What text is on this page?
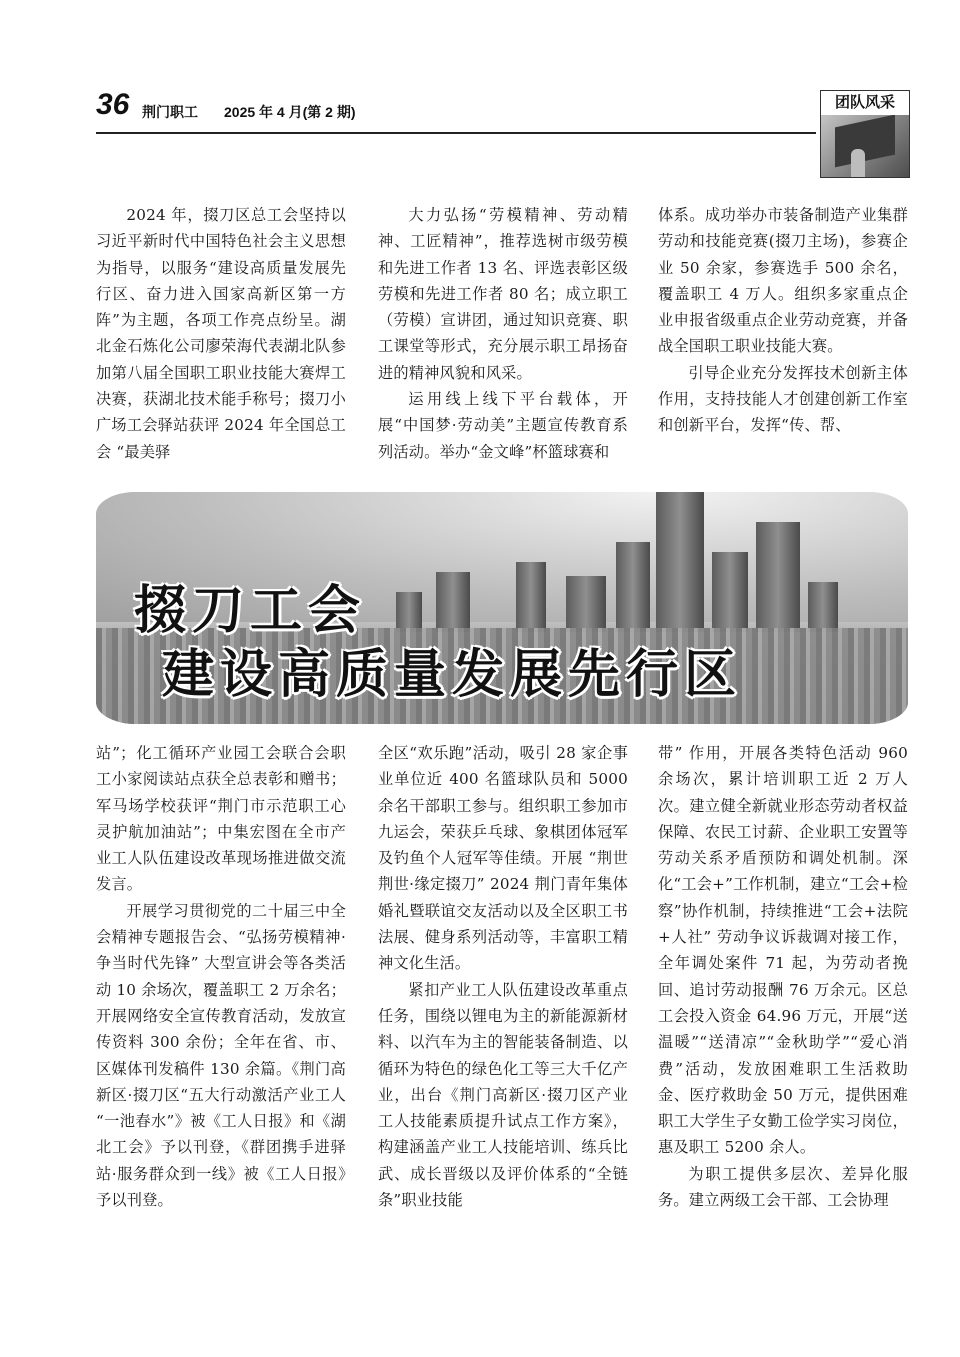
36 荆门职工 2025 年 4 月(第 2 期)
团队风采

2024 年，掇刀区总工会坚持以习近平新时代中国特色社会主义思想为指导，以服务“建设高质量发展先行区、奋力进入国家高新区第一方阵”为主题，各项工作亮点纷呈。湖北金石炼化公司廖荣海代表湖北队参加第八届全国职工职业技能大赛焊工决赛，获湖北技术能手称号；掇刀小广场工会驿站获评 2024 年全国总工会 “最美驿

大力弘扬“劳模精神、劳动精神、工匠精神”，推荐选树市级劳模和先进工作者 13 名、评选表彰区级劳模和先进工作者 80 名；成立职工（劳模）宣讲团，通过知识竞赛、职工课堂等形式，充分展示职工昂扬奋进的精神风貌和风采。

运用线上线下平台载体，开展“中国梦·劳动美”主题宣传教育系列活动。举办“金文峰”杯篮球赛和

体系。成功举办市装备制造产业集群劳动和技能竞赛(掇刀主场)，参赛企业 50 余家，参赛选手 500 余名，覆盖职工 4 万人。组织多家重点企业申报省级重点企业劳动竞赛，并备战全国职工职业技能大赛。

引导企业充分发挥技术创新主体作用，支持技能人才创建创新工作室和创新平台，发挥“传、帮、

掇刀工会
建设高质量发展先行区

站”；化工循环产业园工会联合会职工小家阅读站点获全总表彰和赠书；军马场学校获评“荆门市示范职工心灵护航加油站”；中集宏图在全市产业工人队伍建设改革现场推进做交流发言。

开展学习贯彻党的二十届三中全会精神专题报告会、“弘扬劳模精神·争当时代先锋” 大型宣讲会等各类活动 10 余场次，覆盖职工 2 万余名；开展网络安全宣传教育活动，发放宣传资料 300 余份；全年在省、市、区媒体刊发稿件 130 余篇。《荆门高新区·掇刀区“五大行动激活产业工人 “一池春水”》被《工人日报》和《湖北工会》予以刊登，《群团携手进驿站·服务群众到一线》被《工人日报》予以刊登。

全区“欢乐跑”活动，吸引 28 家企事业单位近 400 名篮球队员和 5000 余名干部职工参与。组织职工参加市九运会，荣获乒乓球、象棋团体冠军及钓鱼个人冠军等佳绩。开展 “荆世荆世·缘定掇刀” 2024 荆门青年集体婚礼暨联谊交友活动以及全区职工书法展、健身系列活动等，丰富职工精神文化生活。

紧扣产业工人队伍建设改革重点任务，围绕以锂电为主的新能源新材料、以汽车为主的智能装备制造、以循环为特色的绿色化工等三大千亿产业，出台《荆门高新区·掇刀区产业工人技能素质提升试点工作方案》，构建涵盖产业工人技能培训、练兵比武、成长晋级以及评价体系的“全链条”职业技能

带” 作用，开展各类特色活动 960 余场次，累计培训职工近 2 万人次。建立健全新就业形态劳动者权益保障、农民工讨薪、企业职工安置等劳动关系矛盾预防和调处机制。深化“工会+”工作机制，建立“工会+检察”协作机制，持续推进“工会+法院+人社” 劳动争议诉裁调对接工作，全年调处案件 71 起，为劳动者挽回、追讨劳动报酬 76 万余元。区总工会投入资金 64.96 万元，开展“送温暖”“送清凉”“金秋助学”“爱心消费”活动，发放困难职工生活救助金、医疗救助金 50 万元，提供困难职工大学生子女勤工俭学实习岗位，惠及职工 5200 余人。

为职工提供多层次、差异化服务。建立两级工会干部、工会协理
